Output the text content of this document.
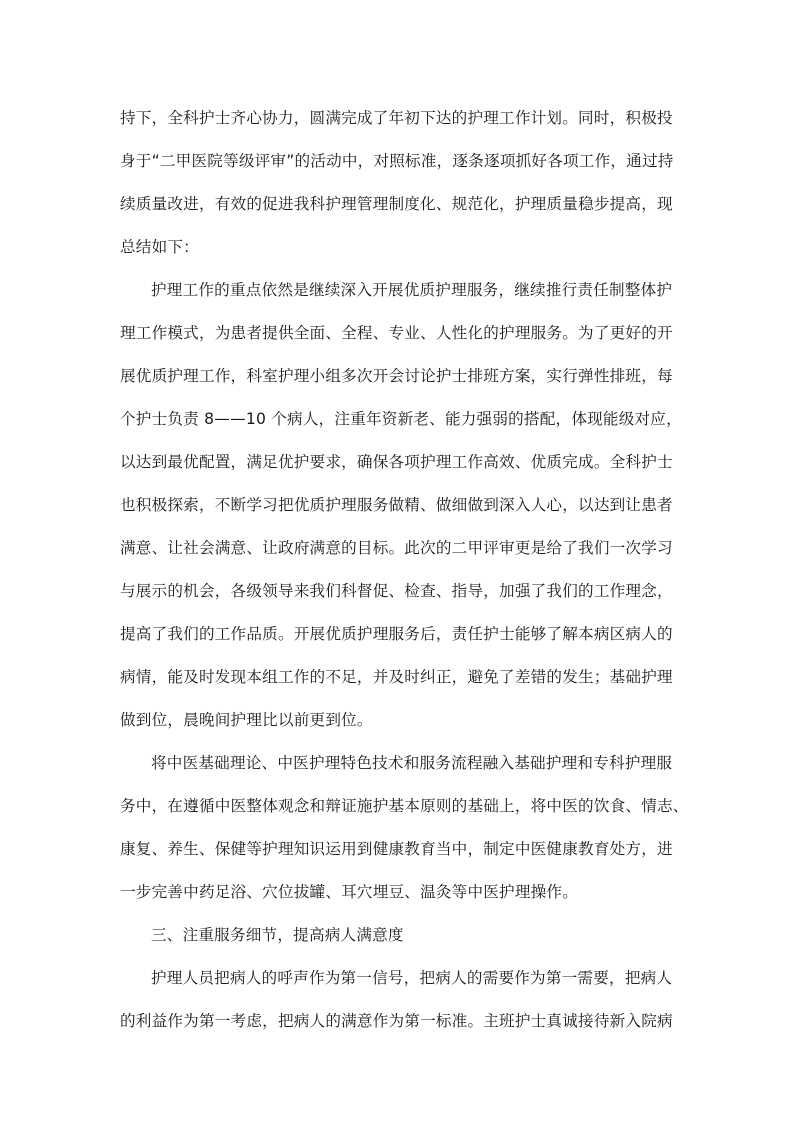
持下，全科护士齐心协力，圆满完成了年初下达的护理工作计划。同时，积极投
身于“二甲医院等级评审”的活动中，对照标准，逐条逐项抓好各项工作，通过持
续质量改进，有效的促进我科护理管理制度化、规范化，护理质量稳步提高，现
总结如下：
护理工作的重点依然是继续深入开展优质护理服务，继续推行责任制整体护
理工作模式，为患者提供全面、全程、专业、人性化的护理服务。为了更好的开
展优质护理工作，科室护理小组多次开会讨论护士排班方案，实行弹性排班，每
个护士负责 8——10 个病人，注重年资新老、能力强弱的搭配，体现能级对应，
以达到最优配置，满足优护要求，确保各项护理工作高效、优质完成。全科护士
也积极探索，不断学习把优质护理服务做精、做细做到深入人心，以达到让患者
满意、让社会满意、让政府满意的目标。此次的二甲评审更是给了我们一次学习
与展示的机会，各级领导来我们科督促、检查、指导，加强了我们的工作理念，
提高了我们的工作品质。开展优质护理服务后，责任护士能够了解本病区病人的
病情，能及时发现本组工作的不足，并及时纠正，避免了差错的发生；基础护理
做到位，晨晚间护理比以前更到位。
将中医基础理论、中医护理特色技术和服务流程融入基础护理和专科护理服
务中，在遵循中医整体观念和辩证施护基本原则的基础上，将中医的饮食、情志、
康复、养生、保健等护理知识运用到健康教育当中，制定中医健康教育处方，进
一步完善中药足浴、穴位拔罐、耳穴埋豆、温灸等中医护理操作。
三、注重服务细节，提高病人满意度
护理人员把病人的呼声作为第一信号，把病人的需要作为第一需要，把病人
的利益作为第一考虑，把病人的满意作为第一标准。主班护士真诚接待新入院病
